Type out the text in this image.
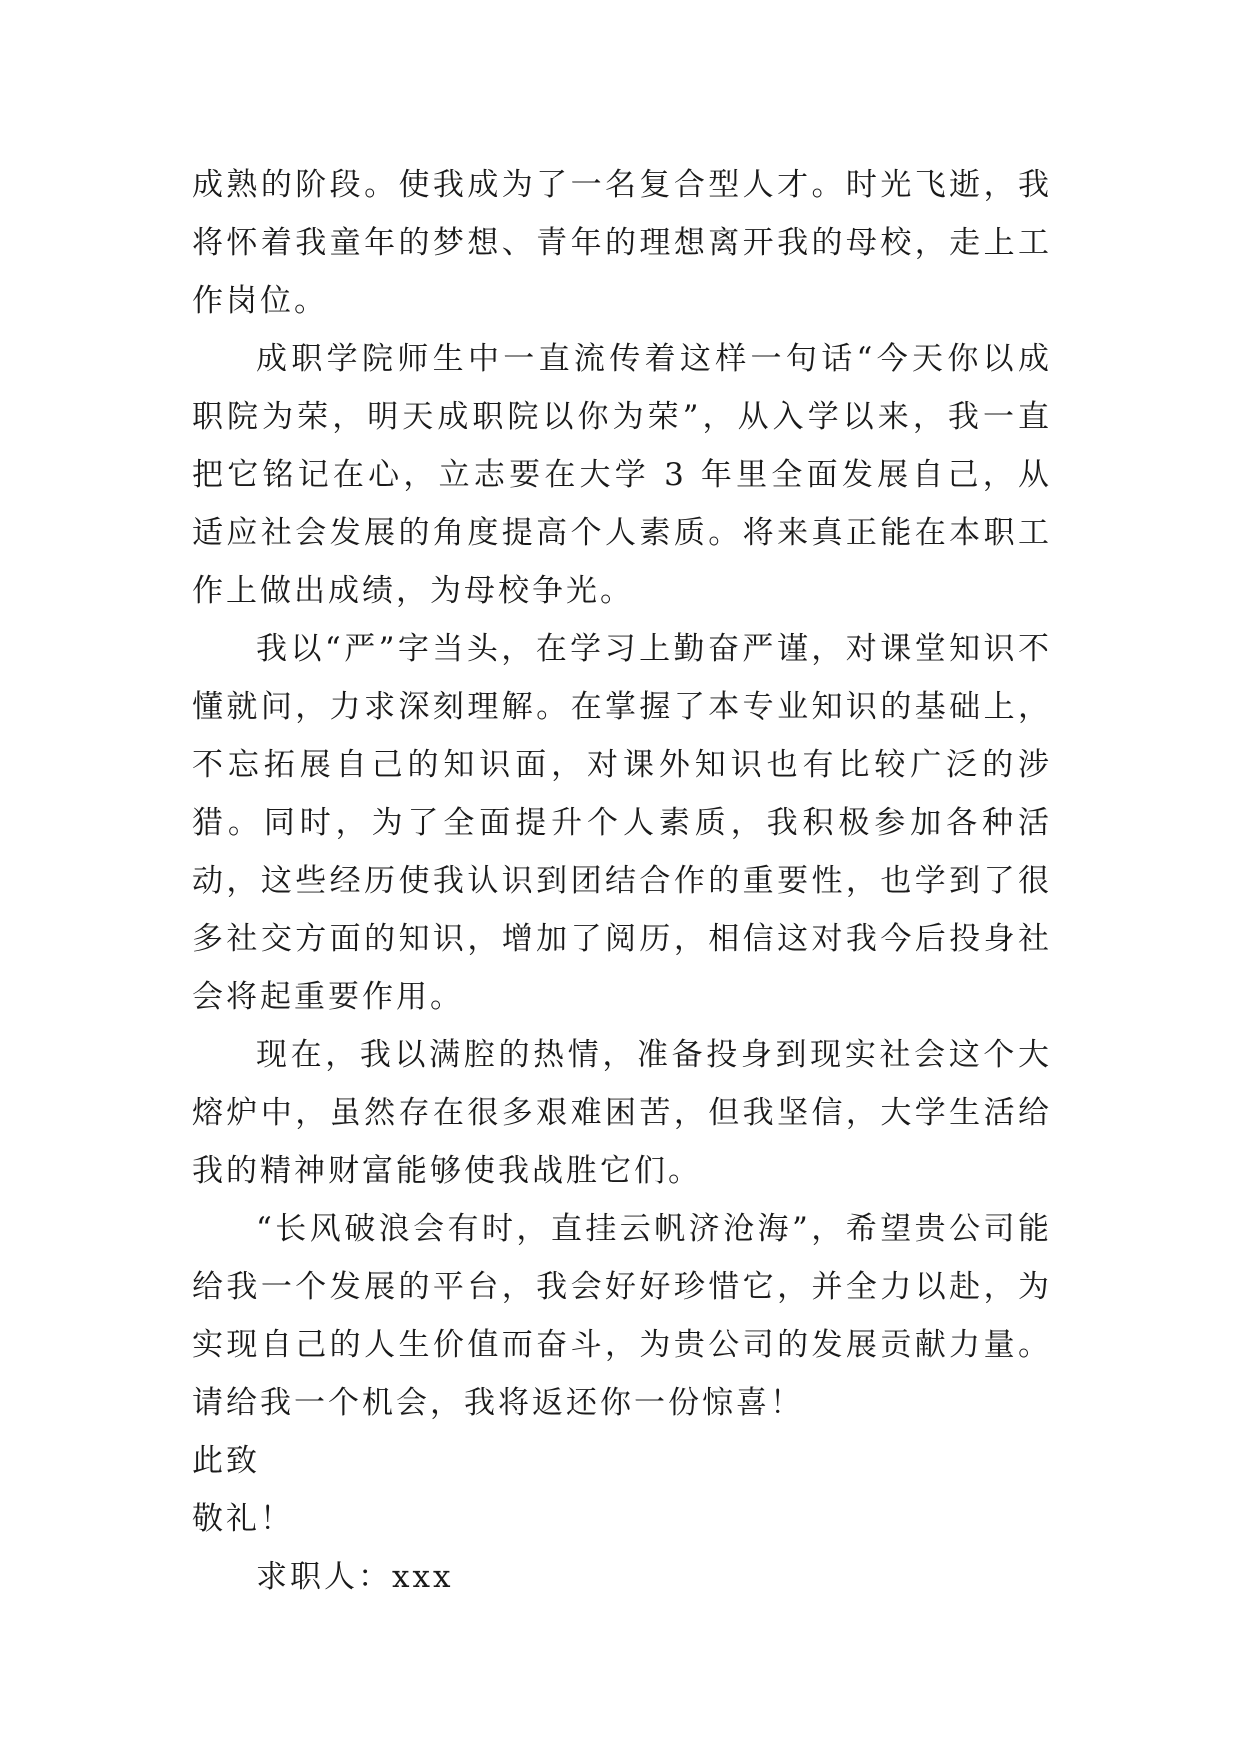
成熟的阶段。使我成为了一名复合型人才。时光飞逝，我将怀着我童年的梦想、青年的理想离开我的母校，走上工作岗位。

成职学院师生中一直流传着这样一句话“今天你以成职院为荣，明天成职院以你为荣”，从入学以来，我一直把它铭记在心，立志要在大学 3 年里全面发展自己，从适应社会发展的角度提高个人素质。将来真正能在本职工作上做出成绩，为母校争光。

我以“严”字当头，在学习上勤奋严谨，对课堂知识不懂就问，力求深刻理解。在掌握了本专业知识的基础上，不忘拓展自己的知识面，对课外知识也有比较广泛的涉猎。同时，为了全面提升个人素质，我积极参加各种活动，这些经历使我认识到团结合作的重要性，也学到了很多社交方面的知识，增加了阅历，相信这对我今后投身社会将起重要作用。

现在，我以满腔的热情，准备投身到现实社会这个大熔炉中，虽然存在很多艰难困苦，但我坚信，大学生活给我的精神财富能够使我战胜它们。

“长风破浪会有时，直挂云帆济沧海”，希望贵公司能给我一个发展的平台，我会好好珍惜它，并全力以赴，为实现自己的人生价值而奋斗，为贵公司的发展贡献力量。请给我一个机会，我将返还你一份惊喜！

此致

敬礼！

求职人：xxx
